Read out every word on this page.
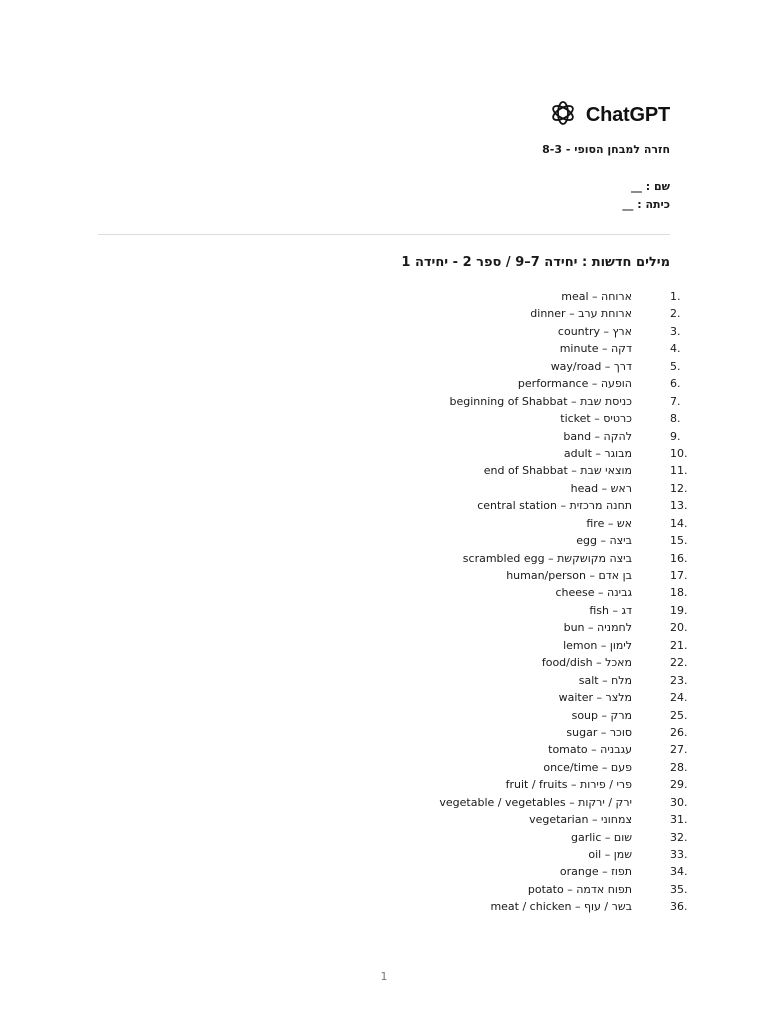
ChatGPT
חזרה למבחן הסופי - 8-3
שם : __
כיתה : __
מילים חדשות : יחידה 7–9 / ספר 2 - יחידה 1
1.
ארוחה – meal
2.
ארוחת ערב – dinner
3.
ארץ – country
4.
דקה – minute
5.
דרך – way/road
6.
הופעה – performance
7.
כניסת שבת – beginning of Shabbat
8.
כרטיס – ticket
9.
להקה – band
10.
מבוגר – adult
11.
מוצאי שבת – end of Shabbat
12.
ראש – head
13.
תחנה מרכזית – central station
14.
אש – fire
15.
ביצה – egg
16.
ביצה מקושקשת – scrambled egg
17.
בן אדם – human/person
18.
גבינה – cheese
19.
דג – fish
20.
לחמניה – bun
21.
לימון – lemon
22.
מאכל – food/dish
23.
מלח – salt
24.
מלצר – waiter
25.
מרק – soup
26.
סוכר – sugar
27.
עגבניה – tomato
28.
פעם – once/time
29.
פרי / פירות – fruit / fruits
30.
ירק / ירקות – vegetable / vegetables
31.
צמחוני – vegetarian
32.
שום – garlic
33.
שמן – oil
34.
תפוז – orange
35.
תפוח אדמה – potato
36.
בשר / עוף – meat / chicken
1
